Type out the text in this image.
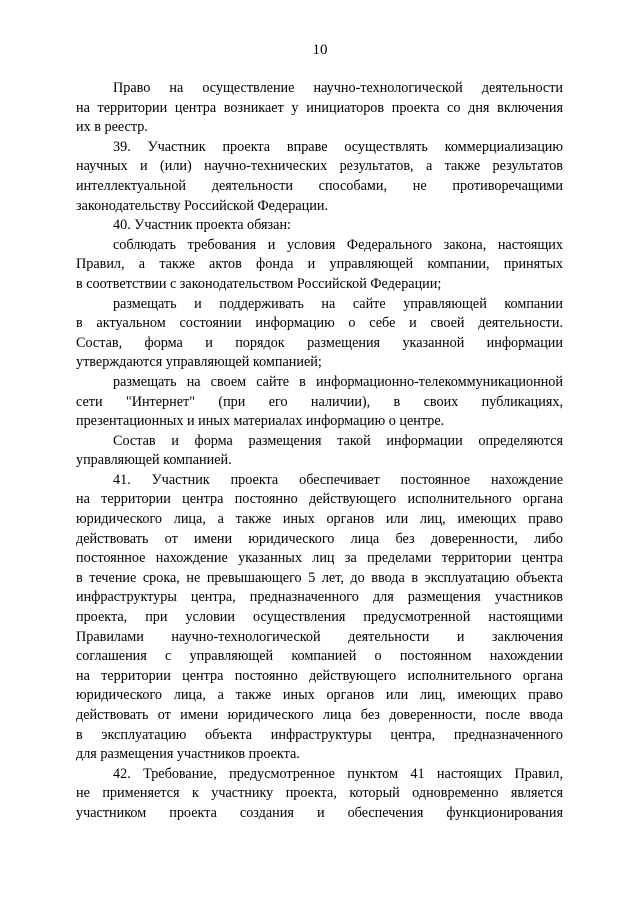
10

Право на осуществление научно-технологической деятельности
на территории центра возникает у инициаторов проекта со дня включения
их в реестр.

39. Участник проекта вправе осуществлять коммерциализацию
научных и (или) научно-технических результатов, а также результатов
интеллектуальной деятельности способами, не противоречащими
законодательству Российской Федерации.

40. Участник проекта обязан:

соблюдать требования и условия Федерального закона, настоящих
Правил, а также актов фонда и управляющей компании, принятых
в соответствии с законодательством Российской Федерации;

размещать и поддерживать на сайте управляющей компании
в актуальном состоянии информацию о себе и своей деятельности.
Состав, форма и порядок размещения указанной информации
утверждаются управляющей компанией;

размещать на своем сайте в информационно-телекоммуникационной
сети "Интернет" (при его наличии), в своих публикациях,
презентационных и иных материалах информацию о центре.

Состав и форма размещения такой информации определяются
управляющей компанией.

41. Участник проекта обеспечивает постоянное нахождение
на территории центра постоянно действующего исполнительного органа
юридического лица, а также иных органов или лиц, имеющих право
действовать от имени юридического лица без доверенности, либо
постоянное нахождение указанных лиц за пределами территории центра
в течение срока, не превышающего 5 лет, до ввода в эксплуатацию объекта
инфраструктуры центра, предназначенного для размещения участников
проекта, при условии осуществления предусмотренной настоящими
Правилами научно-технологической деятельности и заключения
соглашения с управляющей компанией о постоянном нахождении
на территории центра постоянно действующего исполнительного органа
юридического лица, а также иных органов или лиц, имеющих право
действовать от имени юридического лица без доверенности, после ввода
в эксплуатацию объекта инфраструктуры центра, предназначенного
для размещения участников проекта.

42. Требование, предусмотренное пунктом 41 настоящих Правил,
не применяется к участнику проекта, который одновременно является
участником проекта создания и обеспечения функционирования
